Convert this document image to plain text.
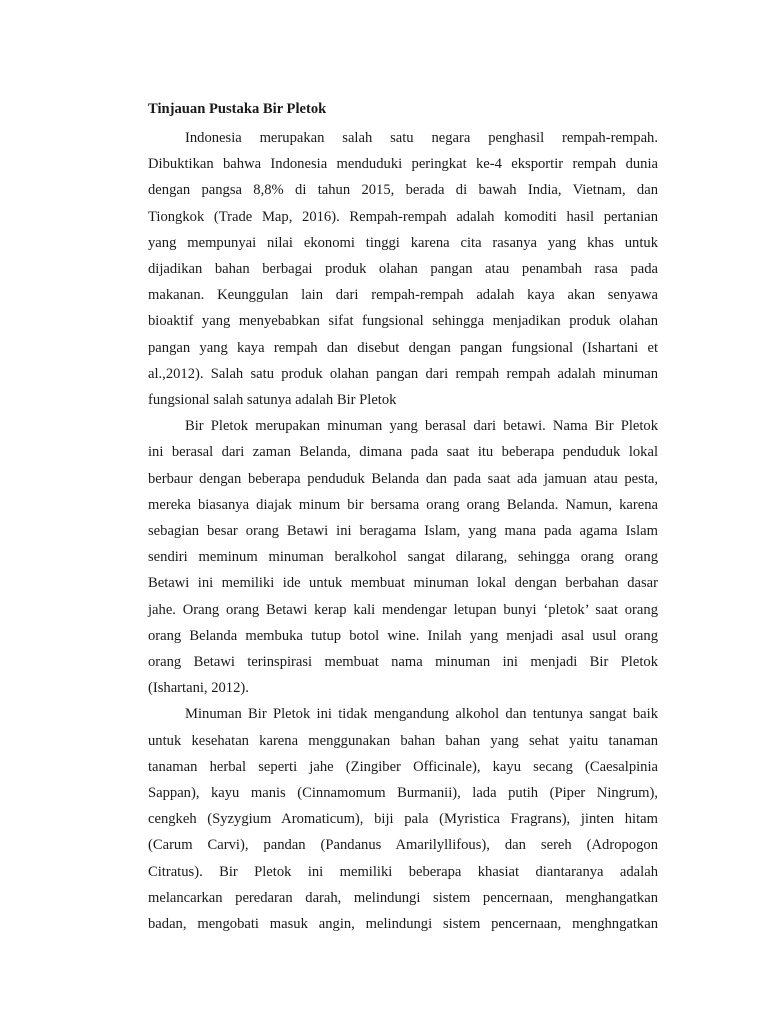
Tinjauan Pustaka Bir Pletok

Indonesia merupakan salah satu negara penghasil rempah-rempah.
Dibuktikan bahwa Indonesia menduduki peringkat ke-4 eksportir rempah dunia
dengan pangsa 8,8% di tahun 2015, berada di bawah India, Vietnam, dan
Tiongkok (Trade Map, 2016). Rempah-rempah adalah komoditi hasil pertanian
yang mempunyai nilai ekonomi tinggi karena cita rasanya yang khas untuk
dijadikan bahan berbagai produk olahan pangan atau penambah rasa pada
makanan. Keunggulan lain dari rempah-rempah adalah kaya akan senyawa
bioaktif yang menyebabkan sifat fungsional sehingga menjadikan produk olahan
pangan yang kaya rempah dan disebut dengan pangan fungsional (Ishartani et
al.,2012). Salah satu produk olahan pangan dari rempah rempah adalah minuman
fungsional salah satunya adalah Bir Pletok

Bir Pletok merupakan minuman yang berasal dari betawi. Nama Bir Pletok
ini berasal dari zaman Belanda, dimana pada saat itu beberapa penduduk lokal
berbaur dengan beberapa penduduk Belanda dan pada saat ada jamuan atau pesta,
mereka biasanya diajak minum bir bersama orang orang Belanda. Namun, karena
sebagian besar orang Betawi ini beragama Islam, yang mana pada agama Islam
sendiri meminum minuman beralkohol sangat dilarang, sehingga orang orang
Betawi ini memiliki ide untuk membuat minuman lokal dengan berbahan dasar
jahe. Orang orang Betawi kerap kali mendengar letupan bunyi ‘pletok’ saat orang
orang Belanda membuka tutup botol wine. Inilah yang menjadi asal usul orang
orang Betawi terinspirasi membuat nama minuman ini menjadi Bir Pletok
(Ishartani, 2012).

Minuman Bir Pletok ini tidak mengandung alkohol dan tentunya sangat baik
untuk kesehatan karena menggunakan bahan bahan yang sehat yaitu tanaman
tanaman herbal seperti jahe (Zingiber Officinale), kayu secang (Caesalpinia
Sappan), kayu manis (Cinnamomum Burmanii), lada putih (Piper Ningrum),
cengkeh (Syzygium Aromaticum), biji pala (Myristica Fragrans), jinten hitam
(Carum Carvi), pandan (Pandanus Amarilyllifous), dan sereh (Adropogon
Citratus). Bir Pletok ini memiliki beberapa khasiat diantaranya adalah
melancarkan peredaran darah, melindungi sistem pencernaan, menghangatkan
badan, mengobati masuk angin, melindungi sistem pencernaan, menghngatkan
